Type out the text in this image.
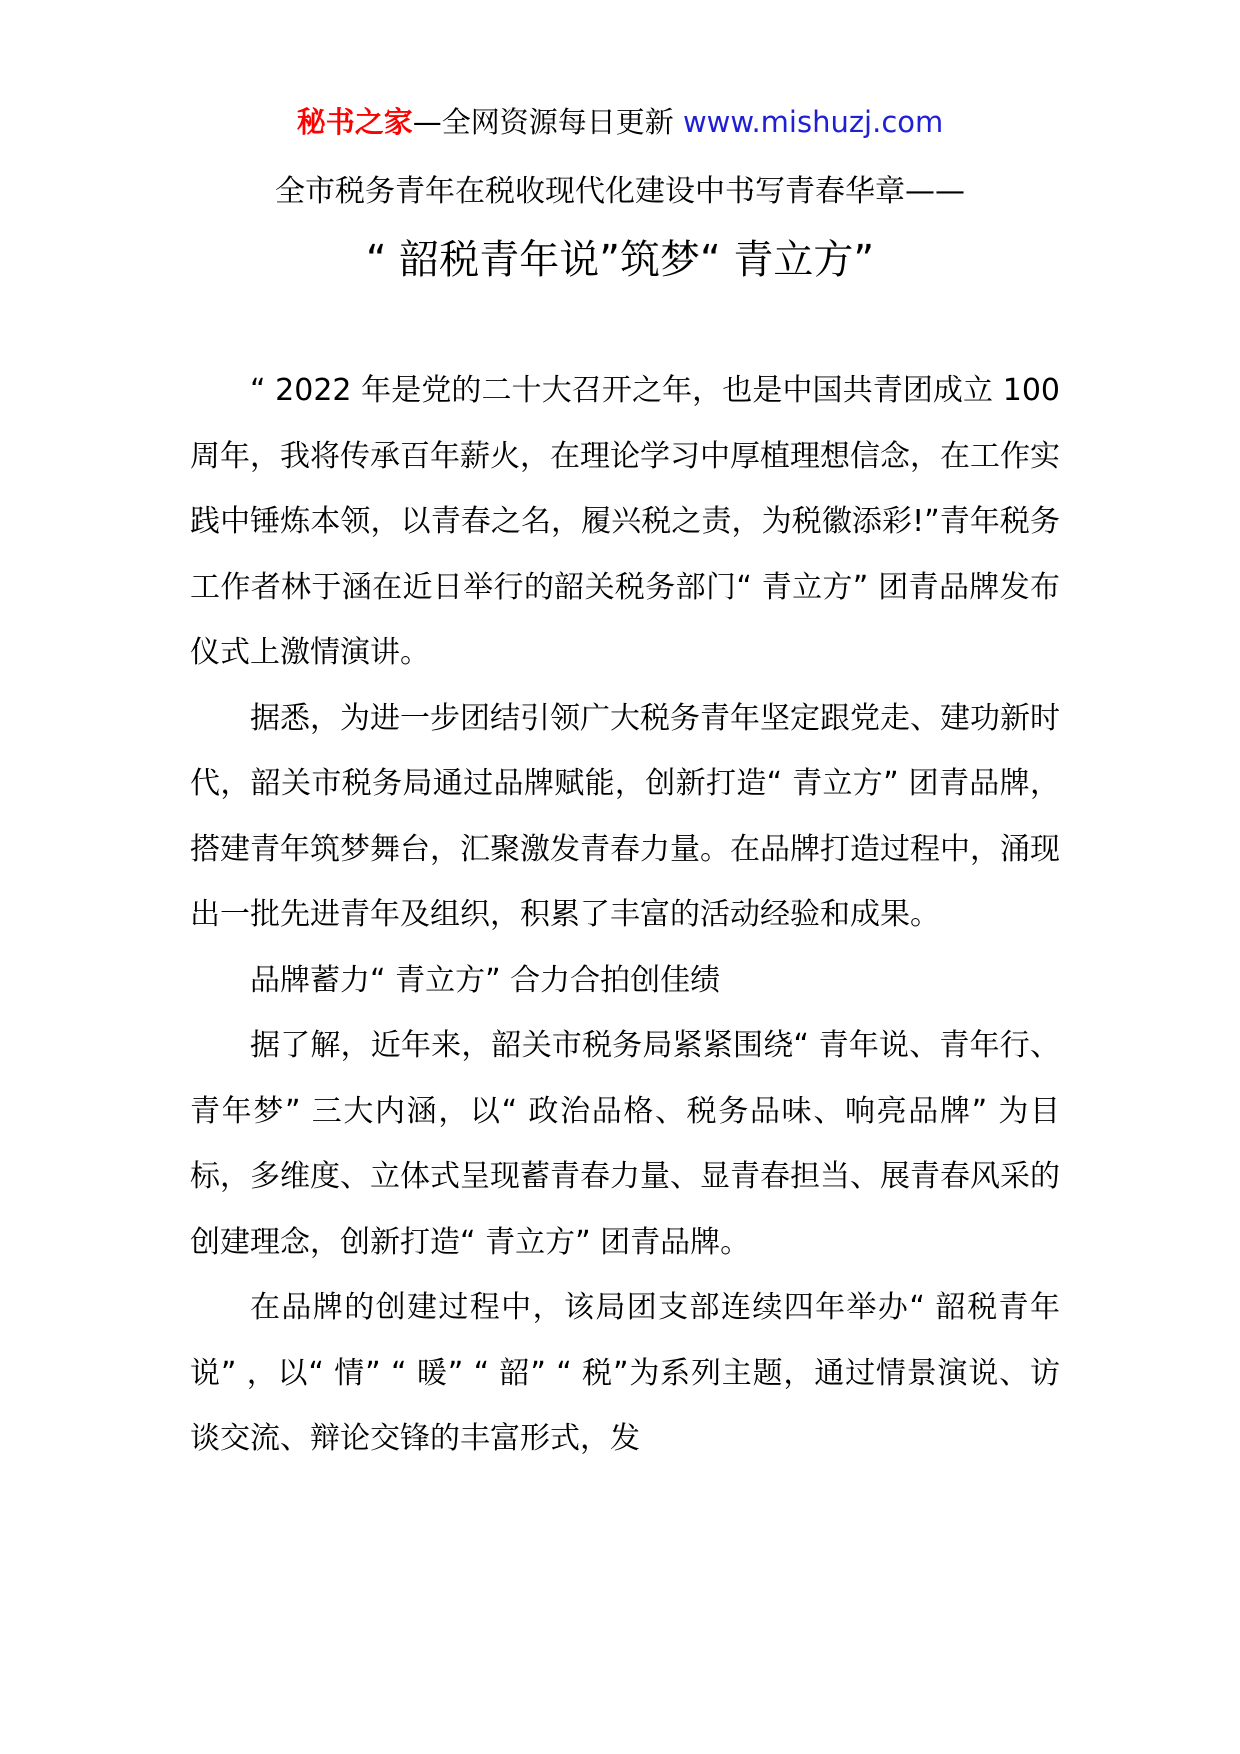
秘书之家—全网资源每日更新 www.mishuzj.com
全市税务青年在税收现代化建设中书写青春华章——
“ 韶税青年说”筑梦“ 青立方”

“ 2022 年是党的二十大召开之年，也是中国共青团成立 100 周年，我将传承百年薪火，在理论学习中厚植理想信念，在工作实践中锤炼本领，以青春之名，履兴税之责，为税徽添彩!”青年税务工作者林于涵在近日举行的韶关税务部门“ 青立方” 团青品牌发布仪式上激情演讲。

据悉，为进一步团结引领广大税务青年坚定跟党走、建功新时代，韶关市税务局通过品牌赋能，创新打造“ 青立方” 团青品牌，搭建青年筑梦舞台，汇聚激发青春力量。在品牌打造过程中，涌现出一批先进青年及组织，积累了丰富的活动经验和成果。

品牌蓄力“ 青立方” 合力合拍创佳绩

据了解，近年来，韶关市税务局紧紧围绕“ 青年说、青年行、青年梦” 三大内涵，以“ 政治品格、税务品味、响亮品牌” 为目标，多维度、立体式呈现蓄青春力量、显青春担当、展青春风采的创建理念，创新打造“ 青立方” 团青品牌。

在品牌的创建过程中，该局团支部连续四年举办“ 韶税青年说” ，以“ 情” “ 暖” “ 韶” “ 税”为系列主题，通过情景演说、访谈交流、辩论交锋的丰富形式，发
